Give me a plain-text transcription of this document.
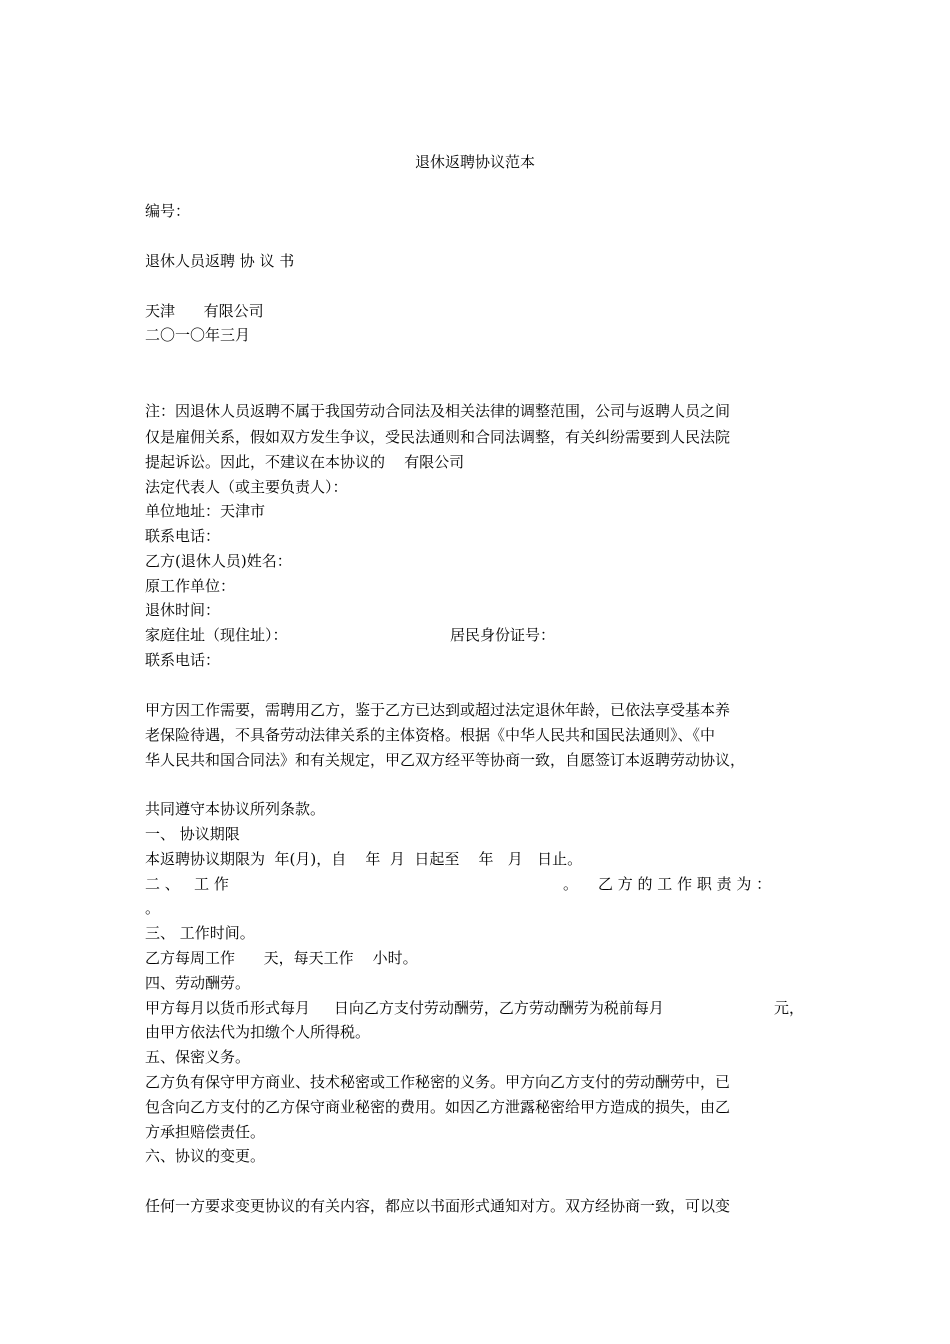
退休返聘协议范本
编号：
退休人员返聘 协 议 书
天津      有限公司
二〇一〇年三月
注：因退休人员返聘不属于我国劳动合同法及相关法律的调整范围，公司与返聘人员之间
仅是雇佣关系，假如双方发生争议，受民法通则和合同法调整，有关纠纷需要到人民法院
提起诉讼。因此，不建议在本协议的    有限公司
法定代表人（或主要负责人）：
单位地址：天津市
联系电话：
乙方(退休人员)姓名：
原工作单位：
退休时间：
家庭住址（现住址）：	居民身份证号：
联系电话：
甲方因工作需要，需聘用乙方，鉴于乙方已达到或超过法定退休年龄，已依法享受基本养
老保险待遇，不具备劳动法律关系的主体资格。根据《中华人民共和国民法通则》、《中
华人民共和国合同法》和有关规定，甲乙双方经平等协商一致，自愿签订本返聘劳动协议，
共同遵守本协议所列条款。
一、 协议期限
本返聘协议期限为  年(月)，自    年  月  日起至    年   月   日止。
二 、   工 作	。 乙 方 的 工 作 职 责 为 ：
。
三、 工作时间。
乙方每周工作      天，每天工作    小时。
四、劳动酬劳。
甲方每月以货币形式每月     日向乙方支付劳动酬劳，乙方劳动酬劳为税前每月	元，
由甲方依法代为扣缴个人所得税。
五、保密义务。
乙方负有保守甲方商业、技术秘密或工作秘密的义务。甲方向乙方支付的劳动酬劳中，已
包含向乙方支付的乙方保守商业秘密的费用。如因乙方泄露秘密给甲方造成的损失，由乙
方承担赔偿责任。
六、协议的变更。
任何一方要求变更协议的有关内容，都应以书面形式通知对方。双方经协商一致，可以变
